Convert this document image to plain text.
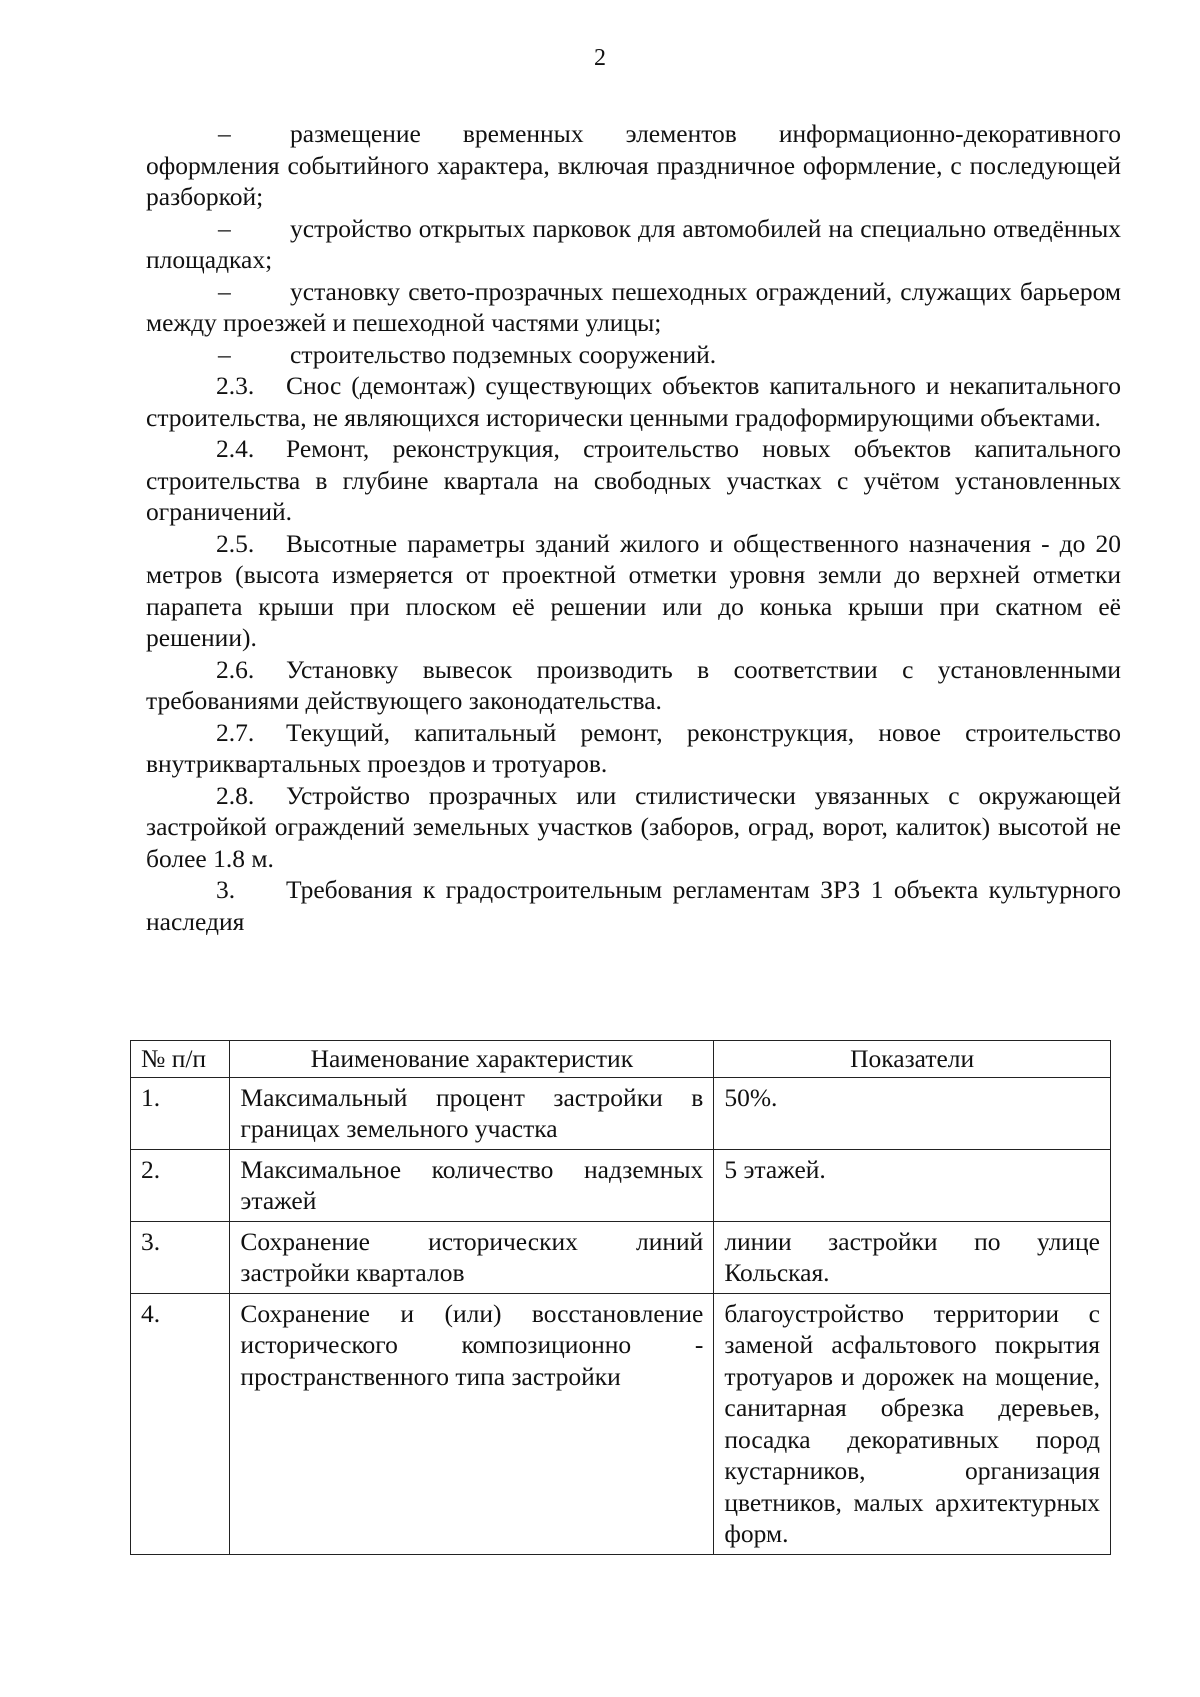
2

– размещение временных элементов информационно-декоративного оформления событийного характера, включая праздничное оформление, с последующей разборкой;

– устройство открытых парковок для автомобилей на специально отведённых площадках;

– установку свето-прозрачных пешеходных ограждений, служащих барьером между проезжей и пешеходной частями улицы;

– строительство подземных сооружений.

2.3. Снос (демонтаж) существующих объектов капитального и некапитального строительства, не являющихся исторически ценными градоформирующими объектами.

2.4. Ремонт, реконструкция, строительство новых объектов капитального строительства в глубине квартала на свободных участках с учётом установленных ограничений.

2.5. Высотные параметры зданий жилого и общественного назначения - до 20 метров (высота измеряется от проектной отметки уровня земли до верхней отметки парапета крыши при плоском её решении или до конька крыши при скатном её решении).

2.6. Установку вывесок производить в соответствии с установленными требованиями действующего законодательства.

2.7. Текущий, капитальный ремонт, реконструкция, новое строительство внутриквартальных проездов и тротуаров.

2.8. Устройство прозрачных или стилистически увязанных с окружающей застройкой ограждений земельных участков (заборов, оград, ворот, калиток) высотой не более 1.8 м.

3. Требования к градостроительным регламентам ЗРЗ 1 объекта культурного наследия

№ п/п	Наименование характеристик	Показатели
1.	Максимальный процент застройки в границах земельного участка	50%.
2.	Максимальное количество надземных этажей	5 этажей.
3.	Сохранение исторических линий застройки кварталов	линии застройки по улице Кольская.
4.	Сохранение и (или) восстановление исторического композиционно - пространственного типа застройки	благоустройство территории с заменой асфальтового покрытия тротуаров и дорожек на мощение, санитарная обрезка деревьев, посадка декоративных пород кустарников, организация цветников, малых архитектурных форм.
